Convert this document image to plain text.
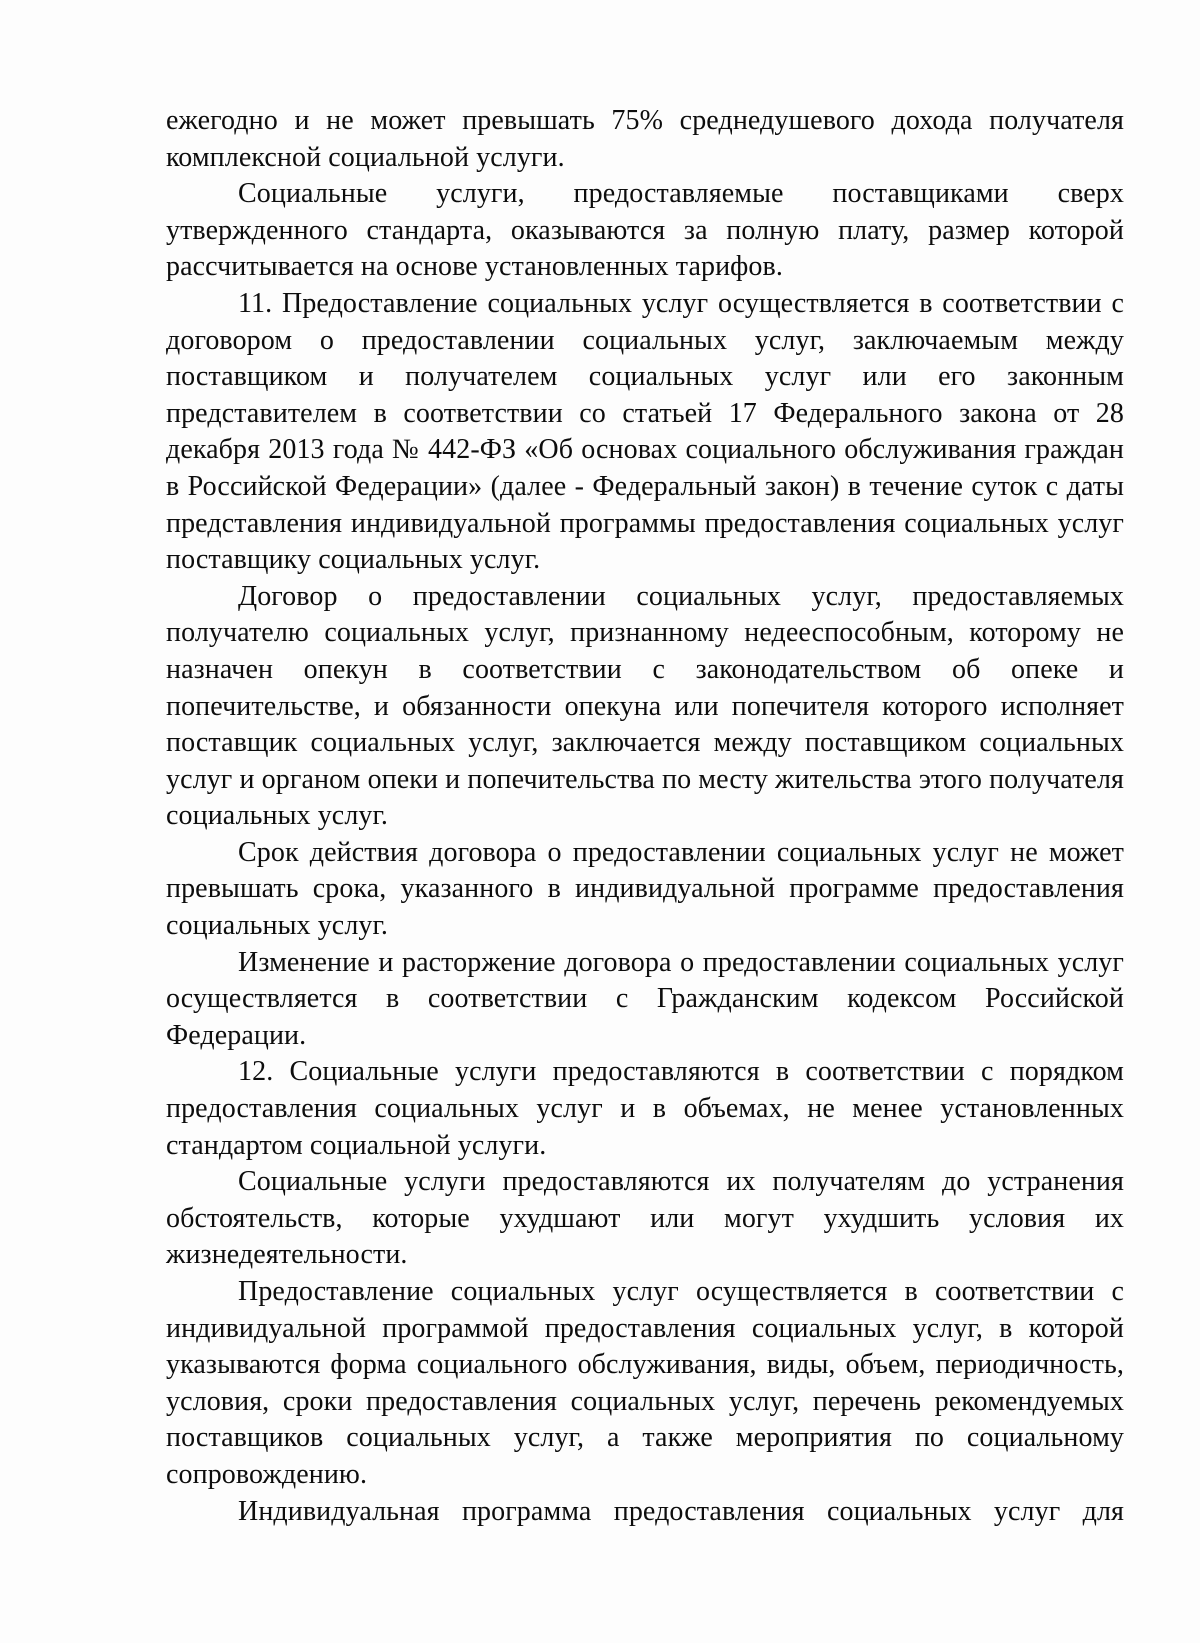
ежегодно и не может превышать 75% среднедушевого дохода получателя комплексной социальной услуги.

Социальные услуги, предоставляемые поставщиками сверх утвержденного стандарта, оказываются за полную плату, размер которой рассчитывается на основе установленных тарифов.

11. Предоставление социальных услуг осуществляется в соответствии с договором о предоставлении социальных услуг, заключаемым между поставщиком и получателем социальных услуг или его законным представителем в соответствии со статьей 17 Федерального закона от 28 декабря 2013 года № 442-ФЗ «Об основах социального обслуживания граждан в Российской Федерации» (далее - Федеральный закон) в течение суток с даты представления индивидуальной программы предоставления социальных услуг поставщику социальных услуг.

Договор о предоставлении социальных услуг, предоставляемых получателю социальных услуг, признанному недееспособным, которому не назначен опекун в соответствии с законодательством об опеке и попечительстве, и обязанности опекуна или попечителя которого исполняет поставщик социальных услуг, заключается между поставщиком социальных услуг и органом опеки и попечительства по месту жительства этого получателя социальных услуг.

Срок действия договора о предоставлении социальных услуг не может превышать срока, указанного в индивидуальной программе предоставления социальных услуг.

Изменение и расторжение договора о предоставлении социальных услуг осуществляется в соответствии с Гражданским кодексом Российской Федерации.

12. Социальные услуги предоставляются в соответствии с порядком предоставления социальных услуг и в объемах, не менее установленных стандартом социальной услуги.

Социальные услуги предоставляются их получателям до устранения обстоятельств, которые ухудшают или могут ухудшить условия их жизнедеятельности.

Предоставление социальных услуг осуществляется в соответствии с индивидуальной программой предоставления социальных услуг, в которой указываются форма социального обслуживания, виды, объем, периодичность, условия, сроки предоставления социальных услуг, перечень рекомендуемых поставщиков социальных услуг, а также мероприятия по социальному сопровождению.

Индивидуальная программа предоставления социальных услуг для
